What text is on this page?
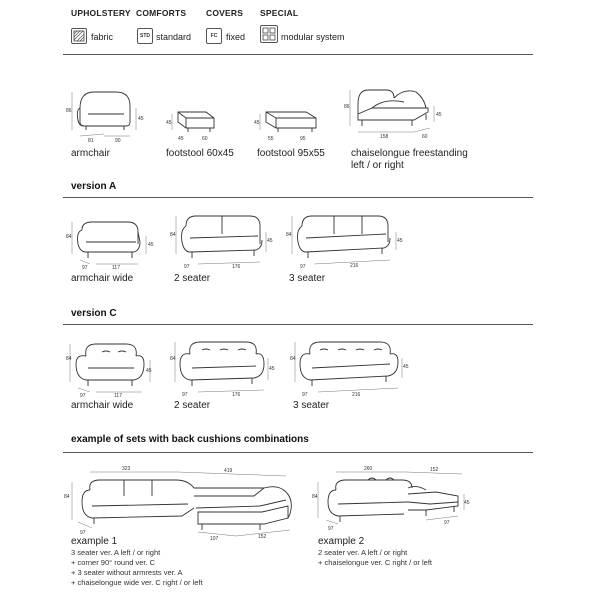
UPHOLSTERY COMFORTS COVERS SPECIAL
fabric	STD standard	FC fixed	modular system
86
45
81	90
armchair
45
45	60
footstool 60x45
45
55	95
footstool 95x55
86
45
158	60
chaiselongue freestanding
left / or right
version A
84
45
97	117
armchair wide
84
45
97	176
2 seater
84
45
97	216
3 seater
version C
84
45
97	117
armchair wide
84
45
97	176
2 seater
84
45
97	216
3 seater
example of sets with back cushions combinations
323	419
84
97
107	152
example 1
3 seater ver. A left / or right
+ corner 90° round ver. C
+ 3 seater without armrests ver. A
+ chaiselongue wide ver. C right / or left
260	152
84
45
97
97
example 2
2 seater ver. A left / or right
+ chaiselongue ver. C right / or left
